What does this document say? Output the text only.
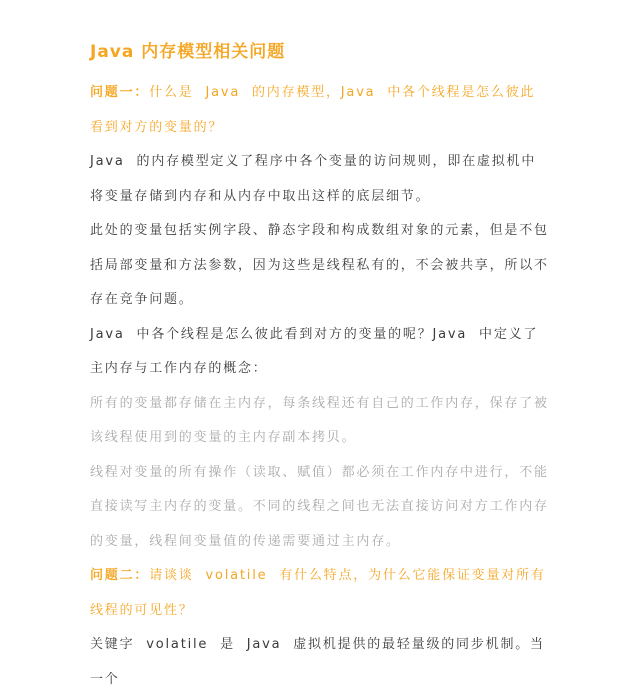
Java 内存模型相关问题

问题一：什么是  Java  的内存模型，Java  中各个线程是怎么彼此看到对方的变量的？

Java  的内存模型定义了程序中各个变量的访问规则，即在虚拟机中将变量存储到内存和从内存中取出这样的底层细节。

此处的变量包括实例字段、静态字段和构成数组对象的元素，但是不包括局部变量和方法参数，因为这些是线程私有的，不会被共享，所以不存在竞争问题。

Java  中各个线程是怎么彼此看到对方的变量的呢？Java  中定义了主内存与工作内存的概念：

所有的变量都存储在主内存，每条线程还有自己的工作内存，保存了被该线程使用到的变量的主内存副本拷贝。

线程对变量的所有操作（读取、赋值）都必须在工作内存中进行，不能直接读写主内存的变量。不同的线程之间也无法直接访问对方工作内存的变量，线程间变量值的传递需要通过主内存。

问题二：请谈谈  volatile  有什么特点，为什么它能保证变量对所有线程的可见性？

关键字  volatile  是  Java  虚拟机提供的最轻量级的同步机制。当一个
